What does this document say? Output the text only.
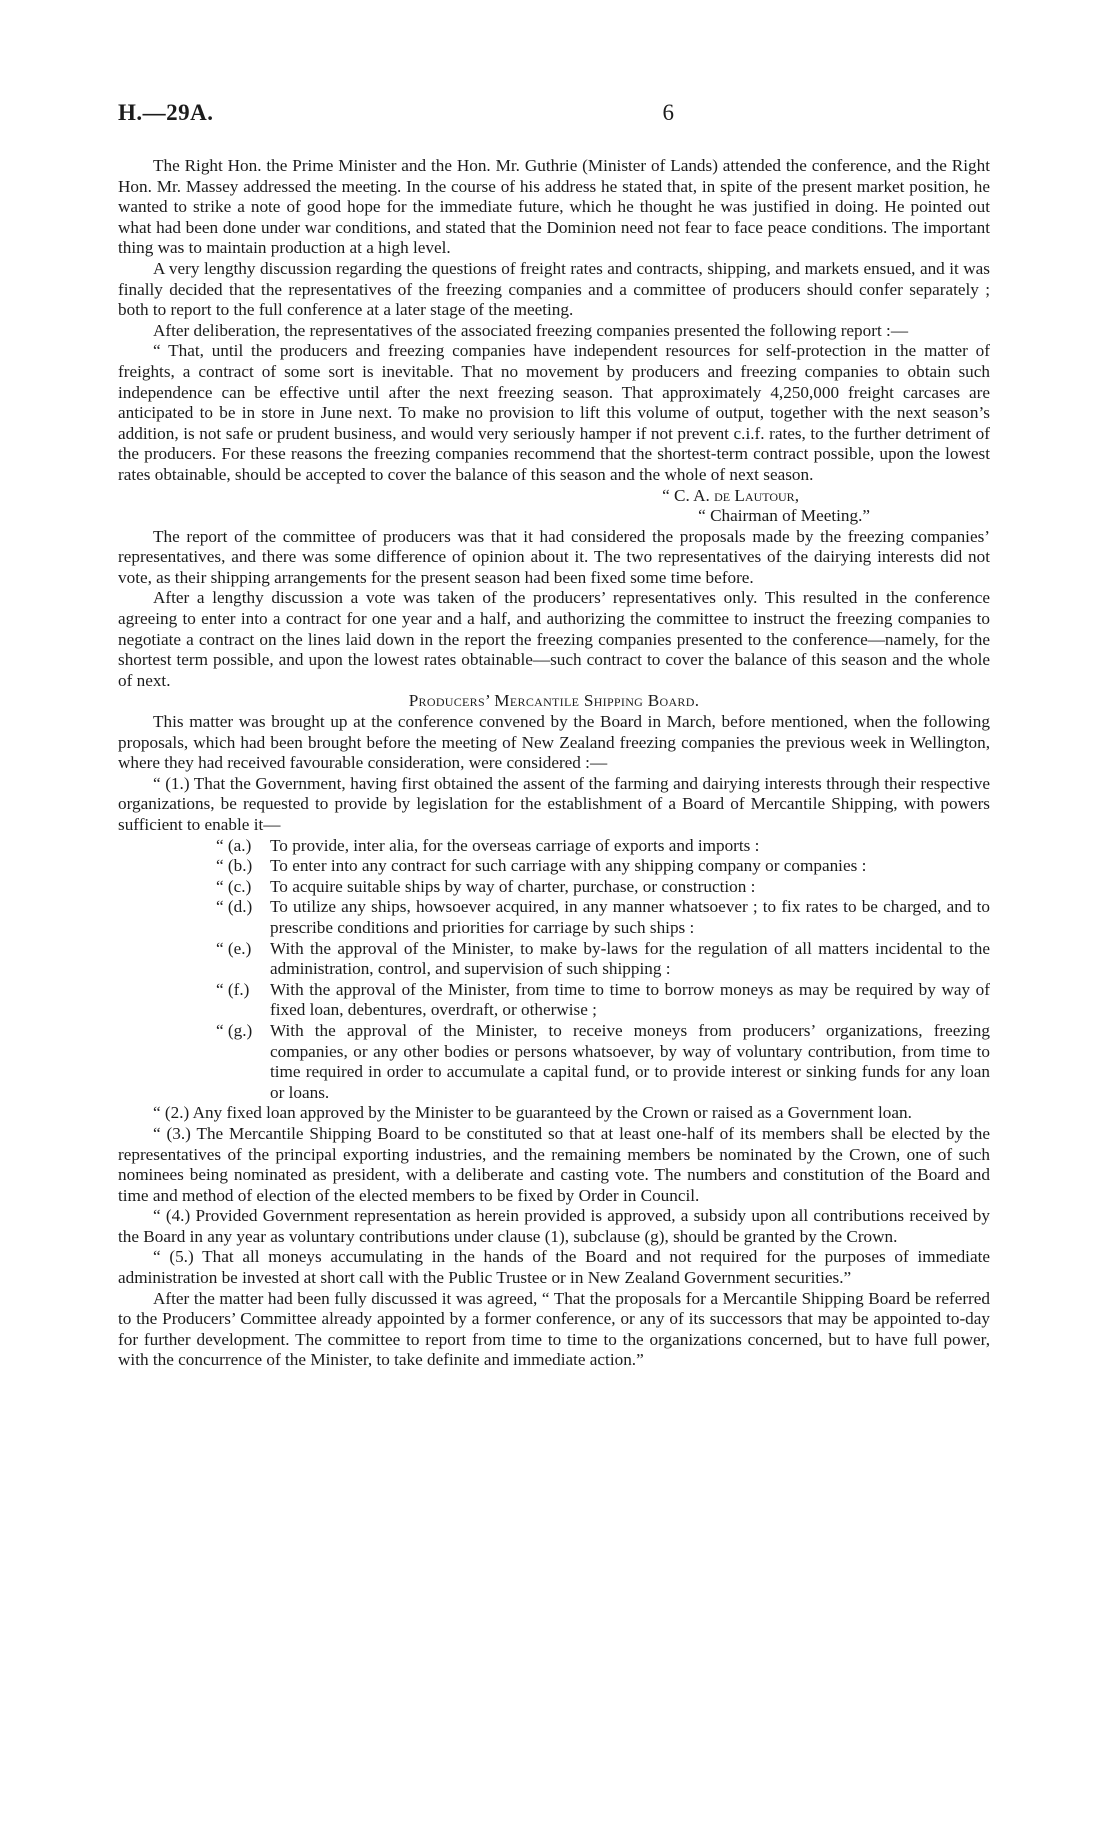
H.—29A.	6

The Right Hon. the Prime Minister and the Hon. Mr. Guthrie (Minister of Lands) attended the conference, and the Right Hon. Mr. Massey addressed the meeting. In the course of his address he stated that, in spite of the present market position, he wanted to strike a note of good hope for the immediate future, which he thought he was justified in doing. He pointed out what had been done under war conditions, and stated that the Dominion need not fear to face peace conditions. The important thing was to maintain production at a high level.

A very lengthy discussion regarding the questions of freight rates and contracts, shipping, and markets ensued, and it was finally decided that the representatives of the freezing companies and a committee of producers should confer separately ; both to report to the full conference at a later stage of the meeting.

After deliberation, the representatives of the associated freezing companies presented the following report :—

“ That, until the producers and freezing companies have independent resources for self-protection in the matter of freights, a contract of some sort is inevitable. That no movement by producers and freezing companies to obtain such independence can be effective until after the next freezing season. That approximately 4,250,000 freight carcases are anticipated to be in store in June next. To make no provision to lift this volume of output, together with the next season’s addition, is not safe or prudent business, and would very seriously hamper if not prevent c.i.f. rates, to the further detriment of the producers. For these reasons the freezing companies recommend that the shortest-term contract possible, upon the lowest rates obtainable, should be accepted to cover the balance of this season and the whole of next season.

“ C. A. de Lautour,

“ Chairman of Meeting.”

The report of the committee of producers was that it had considered the proposals made by the freezing companies’ representatives, and there was some difference of opinion about it. The two representatives of the dairying interests did not vote, as their shipping arrangements for the present season had been fixed some time before.

After a lengthy discussion a vote was taken of the producers’ representatives only. This resulted in the conference agreeing to enter into a contract for one year and a half, and authorizing the committee to instruct the freezing companies to negotiate a contract on the lines laid down in the report the freezing companies presented to the conference—namely, for the shortest term possible, and upon the lowest rates obtainable—such contract to cover the balance of this season and the whole of next.

Producers’ Mercantile Shipping Board.

This matter was brought up at the conference convened by the Board in March, before mentioned, when the following proposals, which had been brought before the meeting of New Zealand freezing companies the previous week in Wellington, where they had received favourable consideration, were considered :—

“ (1.) That the Government, having first obtained the assent of the farming and dairying interests through their respective organizations, be requested to provide by legislation for the establishment of a Board of Mercantile Shipping, with powers sufficient to enable it—

“ (a.) To provide, inter alia, for the overseas carriage of exports and imports :

“ (b.) To enter into any contract for such carriage with any shipping company or companies :

“ (c.) To acquire suitable ships by way of charter, purchase, or construction :

“ (d.) To utilize any ships, howsoever acquired, in any manner whatsoever ; to fix rates to be charged, and to prescribe conditions and priorities for carriage by such ships :

“ (e.) With the approval of the Minister, to make by-laws for the regulation of all matters incidental to the administration, control, and supervision of such shipping :

“ (f.) With the approval of the Minister, from time to time to borrow moneys as may be required by way of fixed loan, debentures, overdraft, or otherwise ;

“ (g.) With the approval of the Minister, to receive moneys from producers’ organizations, freezing companies, or any other bodies or persons whatsoever, by way of voluntary contribution, from time to time required in order to accumulate a capital fund, or to provide interest or sinking funds for any loan or loans.

“ (2.) Any fixed loan approved by the Minister to be guaranteed by the Crown or raised as a Government loan.

“ (3.) The Mercantile Shipping Board to be constituted so that at least one-half of its members shall be elected by the representatives of the principal exporting industries, and the remaining members be nominated by the Crown, one of such nominees being nominated as president, with a deliberate and casting vote. The numbers and constitution of the Board and time and method of election of the elected members to be fixed by Order in Council.

“ (4.) Provided Government representation as herein provided is approved, a subsidy upon all contributions received by the Board in any year as voluntary contributions under clause (1), subclause (g), should be granted by the Crown.

“ (5.) That all moneys accumulating in the hands of the Board and not required for the purposes of immediate administration be invested at short call with the Public Trustee or in New Zealand Government securities.”

After the matter had been fully discussed it was agreed, “ That the proposals for a Mercantile Shipping Board be referred to the Producers’ Committee already appointed by a former conference, or any of its successors that may be appointed to-day for further development. The committee to report from time to time to the organizations concerned, but to have full power, with the concurrence of the Minister, to take definite and immediate action.”
